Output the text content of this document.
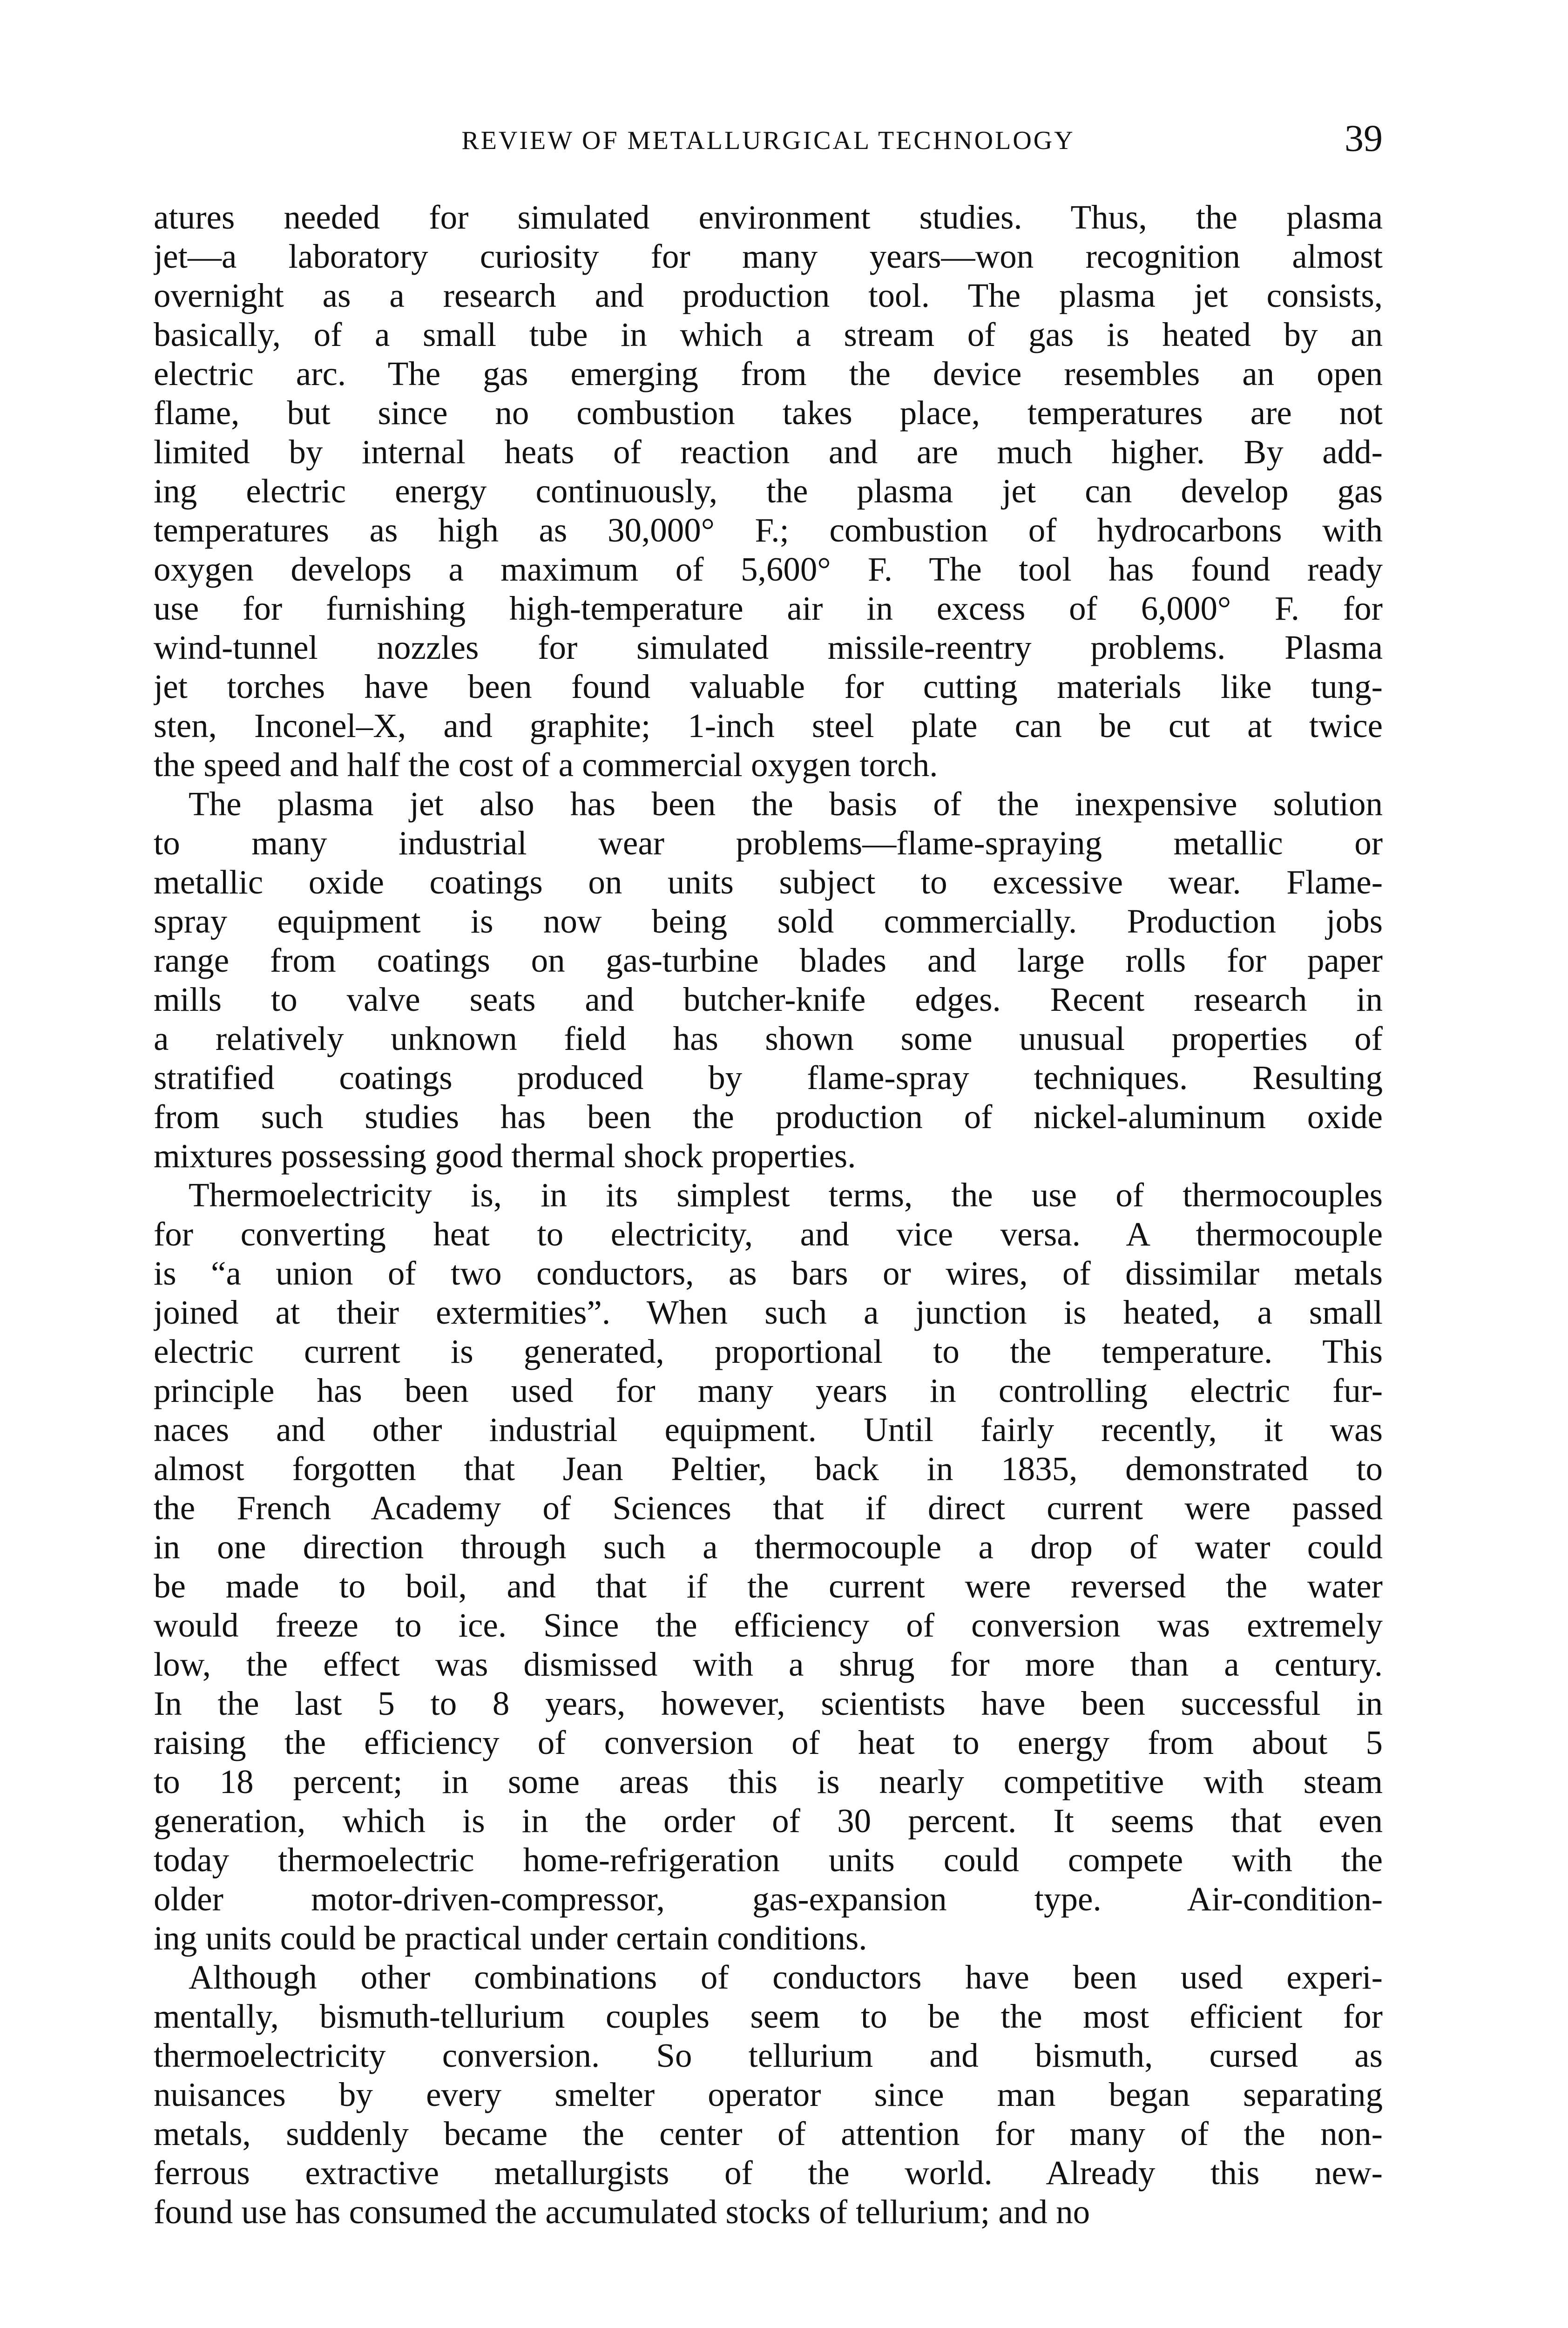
REVIEW OF METALLURGICAL TECHNOLOGY	39
atures needed for simulated environment studies. Thus, the plasma
jet—a laboratory curiosity for many years—won recognition almost
overnight as a research and production tool. The plasma jet consists,
basically, of a small tube in which a stream of gas is heated by an
electric arc. The gas emerging from the device resembles an open
flame, but since no combustion takes place, temperatures are not
limited by internal heats of reaction and are much higher. By add-
ing electric energy continuously, the plasma jet can develop gas
temperatures as high as 30,000° F.; combustion of hydrocarbons with
oxygen develops a maximum of 5,600° F. The tool has found ready
use for furnishing high-temperature air in excess of 6,000° F. for
wind-tunnel nozzles for simulated missile-reentry problems. Plasma
jet torches have been found valuable for cutting materials like tung-
sten, Inconel–X, and graphite; 1-inch steel plate can be cut at twice
the speed and half the cost of a commercial oxygen torch.
The plasma jet also has been the basis of the inexpensive solution
to many industrial wear problems—flame-spraying metallic or
metallic oxide coatings on units subject to excessive wear. Flame-
spray equipment is now being sold commercially. Production jobs
range from coatings on gas-turbine blades and large rolls for paper
mills to valve seats and butcher-knife edges. Recent research in
a relatively unknown field has shown some unusual properties of
stratified coatings produced by flame-spray techniques. Resulting
from such studies has been the production of nickel-aluminum oxide
mixtures possessing good thermal shock properties.
Thermoelectricity is, in its simplest terms, the use of thermocouples
for converting heat to electricity, and vice versa. A thermocouple
is “a union of two conductors, as bars or wires, of dissimilar metals
joined at their extermities”. When such a junction is heated, a small
electric current is generated, proportional to the temperature. This
principle has been used for many years in controlling electric fur-
naces and other industrial equipment. Until fairly recently, it was
almost forgotten that Jean Peltier, back in 1835, demonstrated to
the French Academy of Sciences that if direct current were passed
in one direction through such a thermocouple a drop of water could
be made to boil, and that if the current were reversed the water
would freeze to ice. Since the efficiency of conversion was extremely
low, the effect was dismissed with a shrug for more than a century.
In the last 5 to 8 years, however, scientists have been successful in
raising the efficiency of conversion of heat to energy from about 5
to 18 percent; in some areas this is nearly competitive with steam
generation, which is in the order of 30 percent. It seems that even
today thermoelectric home-refrigeration units could compete with the
older motor-driven-compressor, gas-expansion type. Air-condition-
ing units could be practical under certain conditions.
Although other combinations of conductors have been used experi-
mentally, bismuth-tellurium couples seem to be the most efficient for
thermoelectricity conversion. So tellurium and bismuth, cursed as
nuisances by every smelter operator since man began separating
metals, suddenly became the center of attention for many of the non-
ferrous extractive metallurgists of the world. Already this new-
found use has consumed the accumulated stocks of tellurium; and no
